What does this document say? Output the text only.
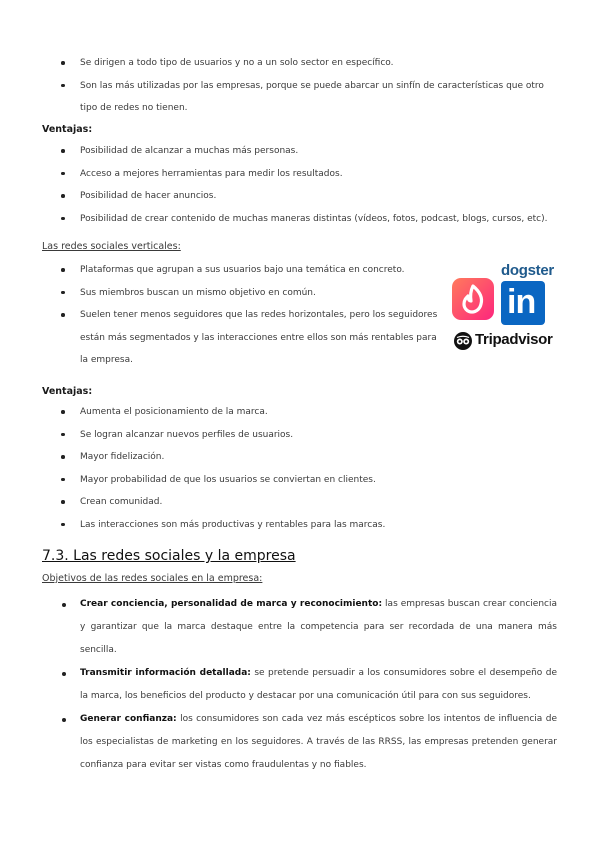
Se dirigen a todo tipo de usuarios y no a un solo sector en específico.
Son las más utilizadas por las empresas, porque se puede abarcar un sinfín de características que otro tipo de redes no tienen.
Ventajas:
Posibilidad de alcanzar a muchas más personas.
Acceso a mejores herramientas para medir los resultados.
Posibilidad de hacer anuncios.
Posibilidad de crear contenido de muchas maneras distintas (vídeos, fotos, podcast, blogs, cursos, etc).
Las redes sociales verticales:
Plataformas que agrupan a sus usuarios bajo una temática en concreto.
Sus miembros buscan un mismo objetivo en común.
Suelen tener menos seguidores que las redes horizontales, pero los seguidores están más segmentados y las interacciones entre ellos son más rentables para la empresa.
dogster
in
Tripadvisor
Ventajas:
Aumenta el posicionamiento de la marca.
Se logran alcanzar nuevos perfiles de usuarios.
Mayor fidelización.
Mayor probabilidad de que los usuarios se conviertan en clientes.
Crean comunidad.
Las interacciones son más productivas y rentables para las marcas.
7.3. Las redes sociales y la empresa
Objetivos de las redes sociales en la empresa:
Crear conciencia, personalidad de marca y reconocimiento: las empresas buscan crear conciencia y garantizar que la marca destaque entre la competencia para ser recordada de una manera más sencilla.
Transmitir información detallada: se pretende persuadir a los consumidores sobre el desempeño de la marca, los beneficios del producto y destacar por una comunicación útil para con sus seguidores.
Generar confianza: los consumidores son cada vez más escépticos sobre los intentos de influencia de los especialistas de marketing en los seguidores. A través de las RRSS, las empresas pretenden generar confianza para evitar ser vistas como fraudulentas y no fiables.
